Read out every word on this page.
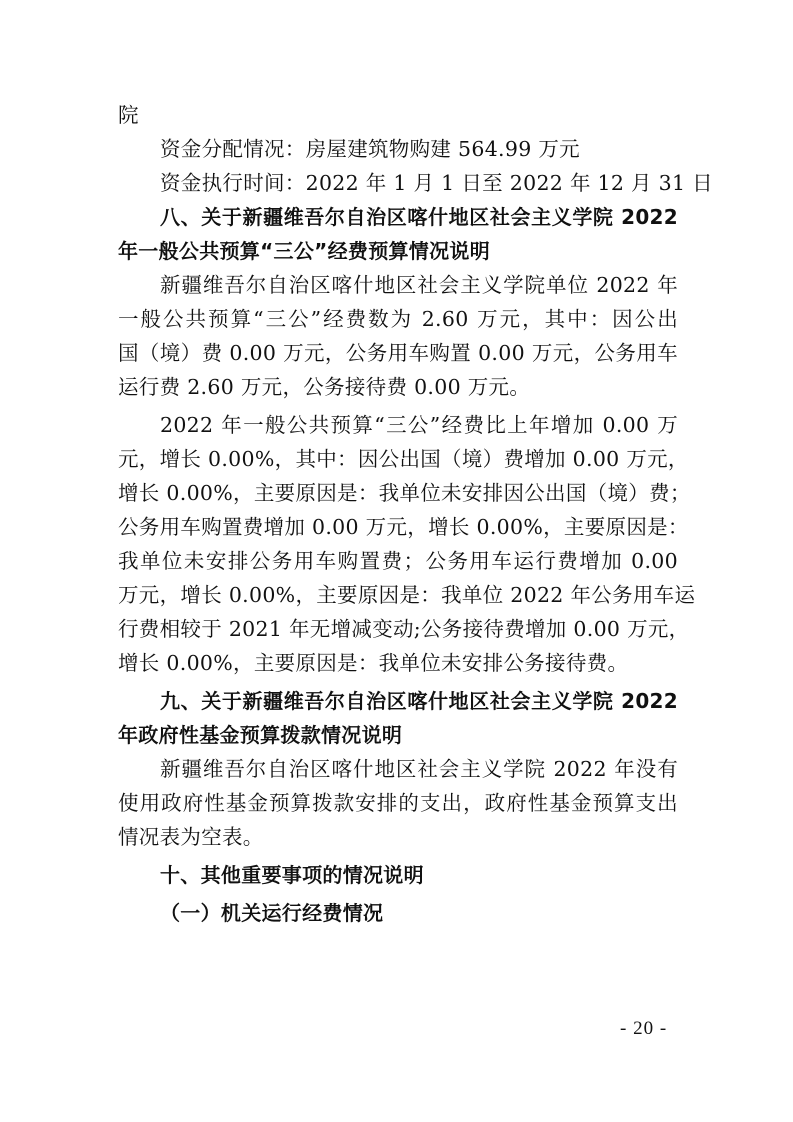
院
资金分配情况：房屋建筑物购建 564.99 万元
资金执行时间：2022 年 1 月 1 日至 2022 年 12 月 31 日
八、关于新疆维吾尔自治区喀什地区社会主义学院 2022
年一般公共预算“三公”经费预算情况说明
新疆维吾尔自治区喀什地区社会主义学院单位 2022 年
一般公共预算“三公”经费数为 2.60 万元，其中：因公出
国（境）费 0.00 万元，公务用车购置 0.00 万元，公务用车
运行费 2.60 万元，公务接待费 0.00 万元。
2022 年一般公共预算“三公”经费比上年增加 0.00 万
元，增长 0.00%，其中：因公出国（境）费增加 0.00 万元，
增长 0.00%，主要原因是：我单位未安排因公出国（境）费；
公务用车购置费增加 0.00 万元，增长 0.00%，主要原因是：
我单位未安排公务用车购置费；公务用车运行费增加 0.00
万元，增长 0.00%，主要原因是：我单位 2022 年公务用车运
行费相较于 2021 年无增减变动;公务接待费增加 0.00 万元，
增长 0.00%，主要原因是：我单位未安排公务接待费。
九、关于新疆维吾尔自治区喀什地区社会主义学院 2022
年政府性基金预算拨款情况说明
新疆维吾尔自治区喀什地区社会主义学院 2022 年没有
使用政府性基金预算拨款安排的支出，政府性基金预算支出
情况表为空表。
十、其他重要事项的情况说明
（一）机关运行经费情况
- 20 -
